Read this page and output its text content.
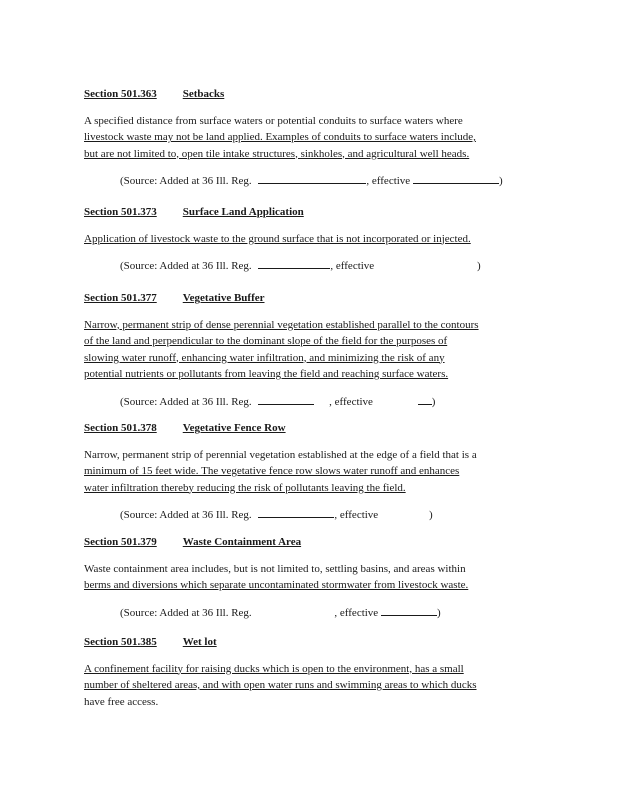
Section 501.363 Setbacks
A specified distance from surface waters or potential conduits to surface waters where
livestock waste may not be land applied. Examples of conduits to surface waters include,
but are not limited to, open tile intake structures, sinkholes, and agricultural well heads.
(Source: Added at 36 Ill. Reg.	, effective	)
Section 501.373 Surface Land Application
Application of livestock waste to the ground surface that is not incorporated or injected.
(Source: Added at 36 Ill. Reg.	, effective	)
Section 501.377 Vegetative Buffer
Narrow, permanent strip of dense perennial vegetation established parallel to the contours
of the land and perpendicular to the dominant slope of the field for the purposes of
slowing water runoff, enhancing water infiltration, and minimizing the risk of any
potential nutrients or pollutants from leaving the field and reaching surface waters.
(Source: Added at 36 Ill. Reg.	, effective	)
Section 501.378 Vegetative Fence Row
Narrow, permanent strip of perennial vegetation established at the edge of a field that is a
minimum of 15 feet wide. The vegetative fence row slows water runoff and enhances
water infiltration thereby reducing the risk of pollutants leaving the field.
(Source: Added at 36 Ill. Reg.	, effective	)
Section 501.379 Waste Containment Area
Waste containment area includes, but is not limited to, settling basins, and areas within
berms and diversions which separate uncontaminated stormwater from livestock waste.
(Source: Added at 36 Ill. Reg.	, effective	)
Section 501.385 Wet lot
A confinement facility for raising ducks which is open to the environment, has a small
number of sheltered areas, and with open water runs and swimming areas to which ducks
have free access.
